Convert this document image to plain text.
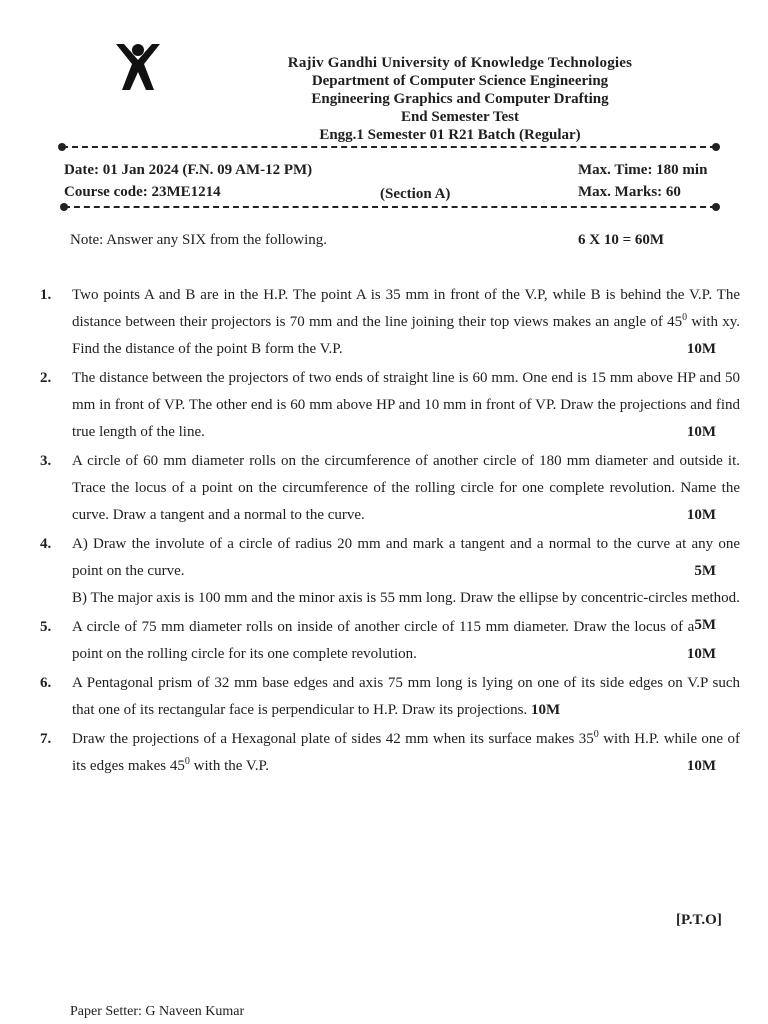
Rajiv Gandhi University of Knowledge Technologies
Department of Computer Science Engineering
Engineering Graphics and Computer Drafting
End Semester Test
Engg.1 Semester 01 R21 Batch (Regular)
Date: 01 Jan 2024 (F.N. 09 AM-12 PM)	Max. Time: 180 min
Course code: 23ME1214	(Section A)	Max. Marks: 60
Note: Answer any SIX from the following.	6 X 10 = 60M
1.	Two points A and B are in the H.P. The point A is 35 mm in front of the V.P, while B is behind the V.P. The distance between their projectors is 70 mm and the line joining their top views makes an angle of $45^0$ with xy. Find the distance of the point B form the V.P.	10M
2.	The distance between the projectors of two ends of straight line is 60 mm. One end is 15 mm above HP and 50 mm in front of VP. The other end is 60 mm above HP and 10 mm in front of VP. Draw the projections and find true length of the line.	10M
3.	A circle of 60 mm diameter rolls on the circumference of another circle of 180 mm diameter and outside it. Trace the locus of a point on the circumference of the rolling circle for one complete revolution. Name the curve. Draw a tangent and a normal to the curve.	10M
4.	A) Draw the involute of a circle of radius 20 mm and mark a tangent and a normal to the curve at any one point on the curve.	5M
B) The major axis is 100 mm and the minor axis is 55 mm long. Draw the ellipse by concentric-circles method.
5M
5.	A circle of 75 mm diameter rolls on inside of another circle of 115 mm diameter. Draw the locus of a point on the rolling circle for its one complete revolution.	10M
6.	A Pentagonal prism of 32 mm base edges and axis 75 mm long is lying on one of its side edges on V.P such that one of its rectangular face is perpendicular to H.P. Draw its projections. 10M
7.	Draw the projections of a Hexagonal plate of sides 42 mm when its surface makes $35^0$ with H.P. while one of its edges makes $45^0$ with the V.P.	10M
[P.T.O]
Paper Setter: G Naveen Kumar
